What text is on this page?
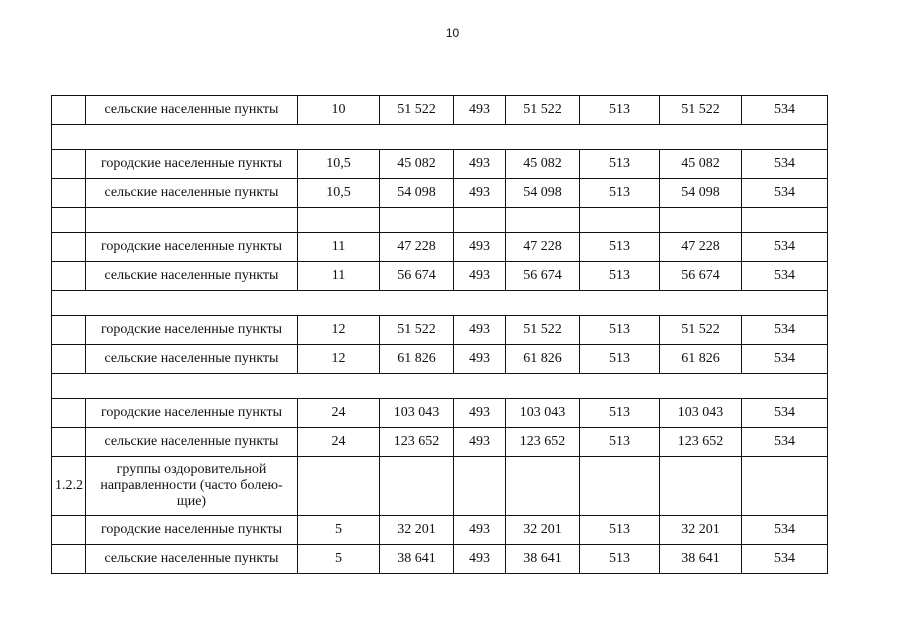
10
	сельские населенные пункты	10	51 522	493	51 522	513	51 522	534

	городские населенные пункты	10,5	45 082	493	45 082	513	45 082	534
	сельские населенные пункты	10,5	54 098	493	54 098	513	54 098	534

	городские населенные пункты	11	47 228	493	47 228	513	47 228	534
	сельские населенные пункты	11	56 674	493	56 674	513	56 674	534

	городские населенные пункты	12	51 522	493	51 522	513	51 522	534
	сельские населенные пункты	12	61 826	493	61 826	513	61 826	534

	городские населенные пункты	24	103 043	493	103 043	513	103 043	534
	сельские населенные пункты	24	123 652	493	123 652	513	123 652	534
1.2.2	группы оздоровительной направленности (часто болею-щие)							
	городские населенные пункты	5	32 201	493	32 201	513	32 201	534
	сельские населенные пункты	5	38 641	493	38 641	513	38 641	534
